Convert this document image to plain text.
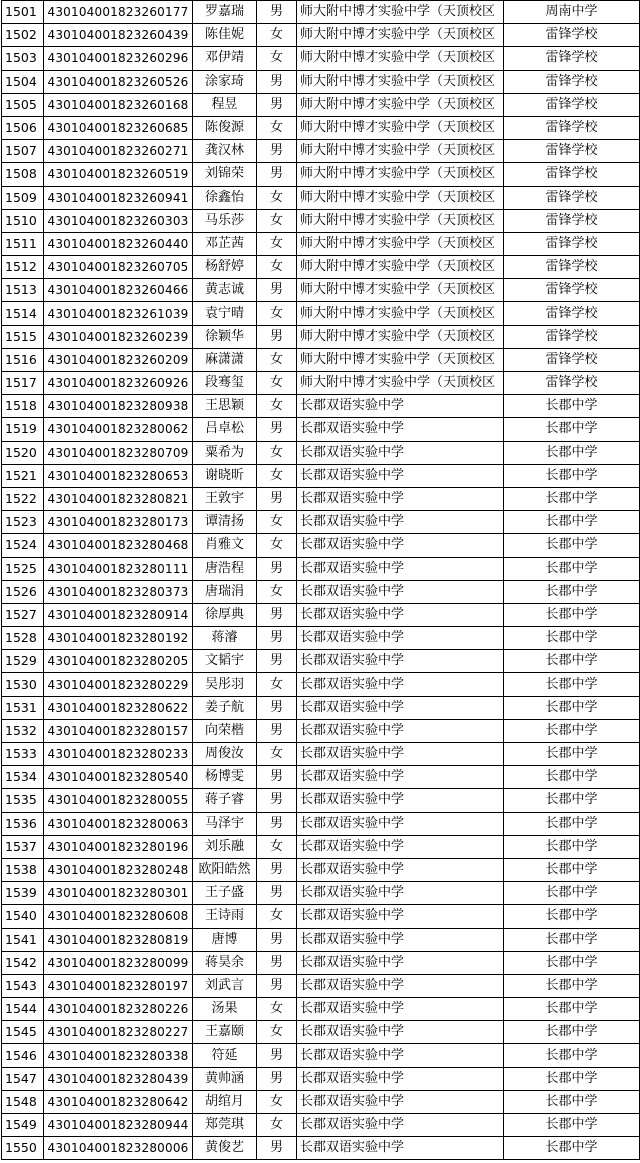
1501	430104001823260177	罗嘉瑞	男	师大附中博才实验中学（天顶校区	周南中学
1502	430104001823260439	陈佳妮	女	师大附中博才实验中学（天顶校区	雷锋学校
1503	430104001823260296	邓伊靖	女	师大附中博才实验中学（天顶校区	雷锋学校
1504	430104001823260526	涂家琦	男	师大附中博才实验中学（天顶校区	雷锋学校
1505	430104001823260168	程昱	男	师大附中博才实验中学（天顶校区	雷锋学校
1506	430104001823260685	陈俊源	女	师大附中博才实验中学（天顶校区	雷锋学校
1507	430104001823260271	龚汉林	男	师大附中博才实验中学（天顶校区	雷锋学校
1508	430104001823260519	刘锦荣	男	师大附中博才实验中学（天顶校区	雷锋学校
1509	430104001823260941	徐鑫怡	女	师大附中博才实验中学（天顶校区	雷锋学校
1510	430104001823260303	马乐莎	女	师大附中博才实验中学（天顶校区	雷锋学校
1511	430104001823260440	邓芷茜	女	师大附中博才实验中学（天顶校区	雷锋学校
1512	430104001823260705	杨舒婷	女	师大附中博才实验中学（天顶校区	雷锋学校
1513	430104001823260466	黄志诚	男	师大附中博才实验中学（天顶校区	雷锋学校
1514	430104001823261039	袁宁晴	女	师大附中博才实验中学（天顶校区	雷锋学校
1515	430104001823260239	徐颖华	男	师大附中博才实验中学（天顶校区	雷锋学校
1516	430104001823260209	麻潇潇	女	师大附中博才实验中学（天顶校区	雷锋学校
1517	430104001823260926	段骞玺	女	师大附中博才实验中学（天顶校区	雷锋学校
1518	430104001823280938	王思颖	女	长郡双语实验中学	长郡中学
1519	430104001823280062	吕卓松	男	长郡双语实验中学	长郡中学
1520	430104001823280709	粟希为	女	长郡双语实验中学	长郡中学
1521	430104001823280653	谢晓昕	女	长郡双语实验中学	长郡中学
1522	430104001823280821	王敦宇	男	长郡双语实验中学	长郡中学
1523	430104001823280173	谭清扬	女	长郡双语实验中学	长郡中学
1524	430104001823280468	肖雅文	女	长郡双语实验中学	长郡中学
1525	430104001823280111	唐浩程	男	长郡双语实验中学	长郡中学
1526	430104001823280373	唐瑞涓	女	长郡双语实验中学	长郡中学
1527	430104001823280914	徐厚典	男	长郡双语实验中学	长郡中学
1528	430104001823280192	蒋濬	男	长郡双语实验中学	长郡中学
1529	430104001823280205	文韬宇	男	长郡双语实验中学	长郡中学
1530	430104001823280229	吴彤羽	女	长郡双语实验中学	长郡中学
1531	430104001823280622	姜子航	男	长郡双语实验中学	长郡中学
1532	430104001823280157	向荣楷	男	长郡双语实验中学	长郡中学
1533	430104001823280233	周俊汝	女	长郡双语实验中学	长郡中学
1534	430104001823280540	杨博雯	男	长郡双语实验中学	长郡中学
1535	430104001823280055	蒋子睿	男	长郡双语实验中学	长郡中学
1536	430104001823280063	马泽宇	男	长郡双语实验中学	长郡中学
1537	430104001823280196	刘乐融	女	长郡双语实验中学	长郡中学
1538	430104001823280248	欧阳皓然	男	长郡双语实验中学	长郡中学
1539	430104001823280301	王子盛	男	长郡双语实验中学	长郡中学
1540	430104001823280608	王诗雨	女	长郡双语实验中学	长郡中学
1541	430104001823280819	唐博	男	长郡双语实验中学	长郡中学
1542	430104001823280099	蒋昊余	男	长郡双语实验中学	长郡中学
1543	430104001823280197	刘武言	男	长郡双语实验中学	长郡中学
1544	430104001823280226	汤果	女	长郡双语实验中学	长郡中学
1545	430104001823280227	王嘉颐	女	长郡双语实验中学	长郡中学
1546	430104001823280338	符延	男	长郡双语实验中学	长郡中学
1547	430104001823280439	黄帅涵	男	长郡双语实验中学	长郡中学
1548	430104001823280642	胡绾月	女	长郡双语实验中学	长郡中学
1549	430104001823280944	郑莞琪	女	长郡双语实验中学	长郡中学
1550	430104001823280006	黄俊艺	男	长郡双语实验中学	长郡中学
